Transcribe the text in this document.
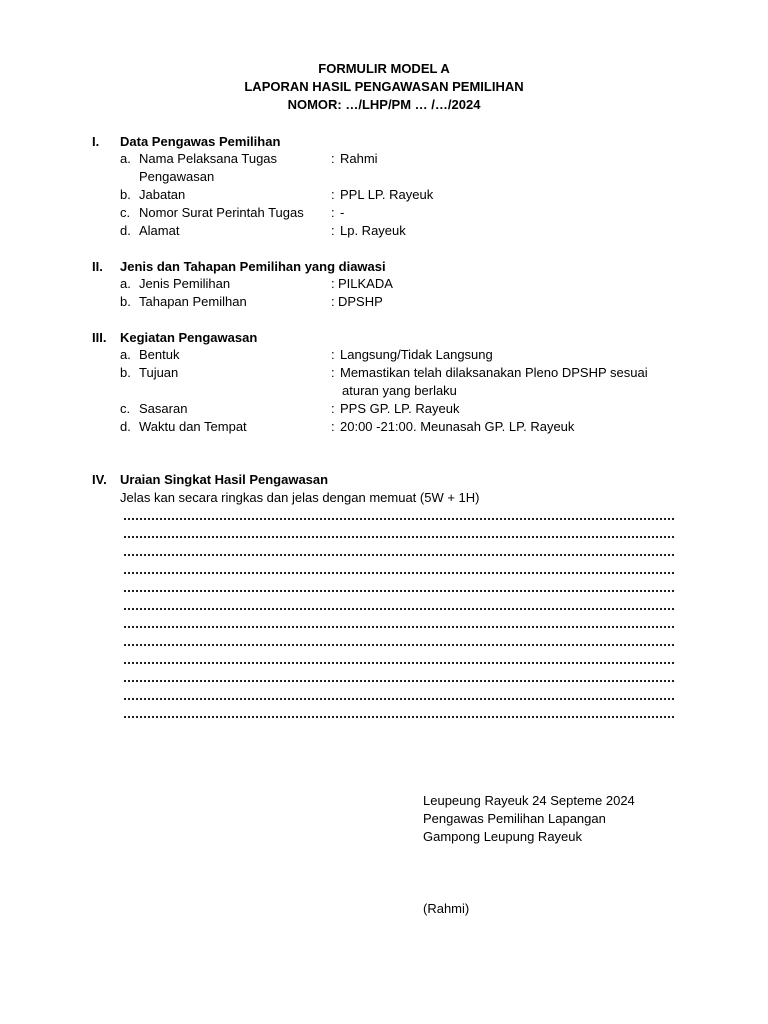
FORMULIR MODEL A
LAPORAN HASIL PENGAWASAN PEMILIHAN
NOMOR: …/LHP/PM … /…/2024
I. Data Pengawas Pemilihan
a. Nama Pelaksana Tugas
Pengawasan
: Rahmi
b. Jabatan	: PPL LP. Rayeuk
c. Nomor Surat Perintah Tugas : -
d. Alamat	: Lp. Rayeuk
II. Jenis dan Tahapan Pemilihan yang diawasi
a. Jenis Pemilihan	: PILKADA
b. Tahapan Pemilhan	: DPSHP
III. Kegiatan Pengawasan
a. Bentuk	: Langsung/Tidak Langsung
b. Tujuan	: Memastikan telah dilaksanakan Pleno DPSHP sesuai
aturan yang berlaku
c. Sasaran	: PPS GP. LP. Rayeuk
d. Waktu dan Tempat	: 20:00 -21:00. Meunasah GP. LP. Rayeuk
IV. Uraian Singkat Hasil Pengawasan
Jelas kan secara ringkas dan jelas dengan memuat (5W + 1H)
Leupeung Rayeuk 24 Septeme 2024
Pengawas Pemilihan Lapangan
Gampong Leupung Rayeuk
(Rahmi)
